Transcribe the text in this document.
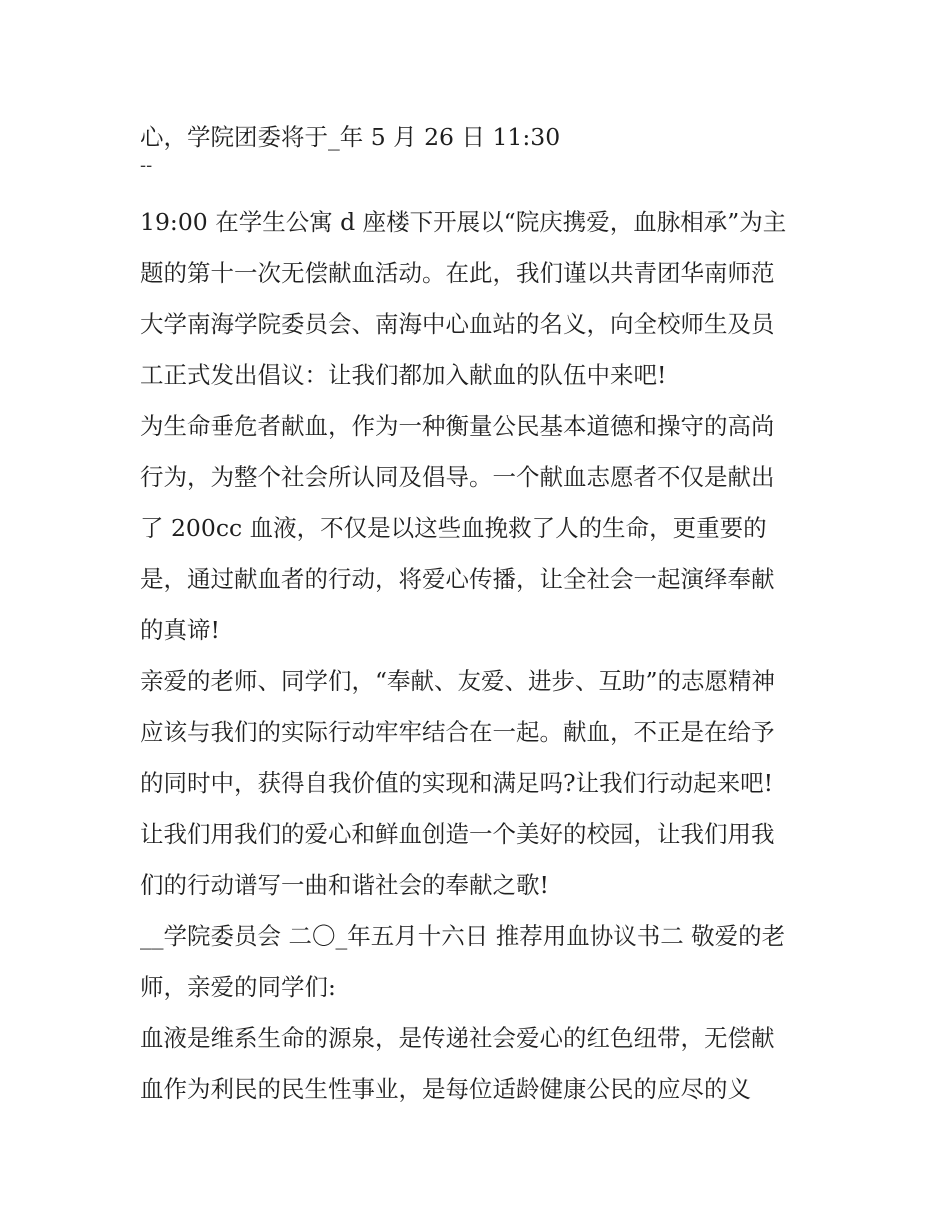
心，学院团委将于_年 5 月 26 日 11:30
--
19:00 在学生公寓 d 座楼下开展以“院庆携爱，血脉相承”为主
题的第十一次无偿献血活动。在此，我们谨以共青团华南师范
大学南海学院委员会、南海中心血站的名义，向全校师生及员
工正式发出倡议：让我们都加入献血的队伍中来吧!
为生命垂危者献血，作为一种衡量公民基本道德和操守的高尚
行为，为整个社会所认同及倡导。一个献血志愿者不仅是献出
了 200cc 血液，不仅是以这些血挽救了人的生命，更重要的
是，通过献血者的行动，将爱心传播，让全社会一起演绎奉献
的真谛!
亲爱的老师、同学们，“奉献、友爱、进步、互助”的志愿精神
应该与我们的实际行动牢牢结合在一起。献血，不正是在给予
的同时中，获得自我价值的实现和满足吗?让我们行动起来吧!
让我们用我们的爱心和鲜血创造一个美好的校园，让我们用我
们的行动谱写一曲和谐社会的奉献之歌!
__学院委员会 二〇_年五月十六日 推荐用血协议书二 敬爱的老
师，亲爱的同学们:
血液是维系生命的源泉，是传递社会爱心的红色纽带，无偿献
血作为利民的民生性事业，是每位适龄健康公民的应尽的义
